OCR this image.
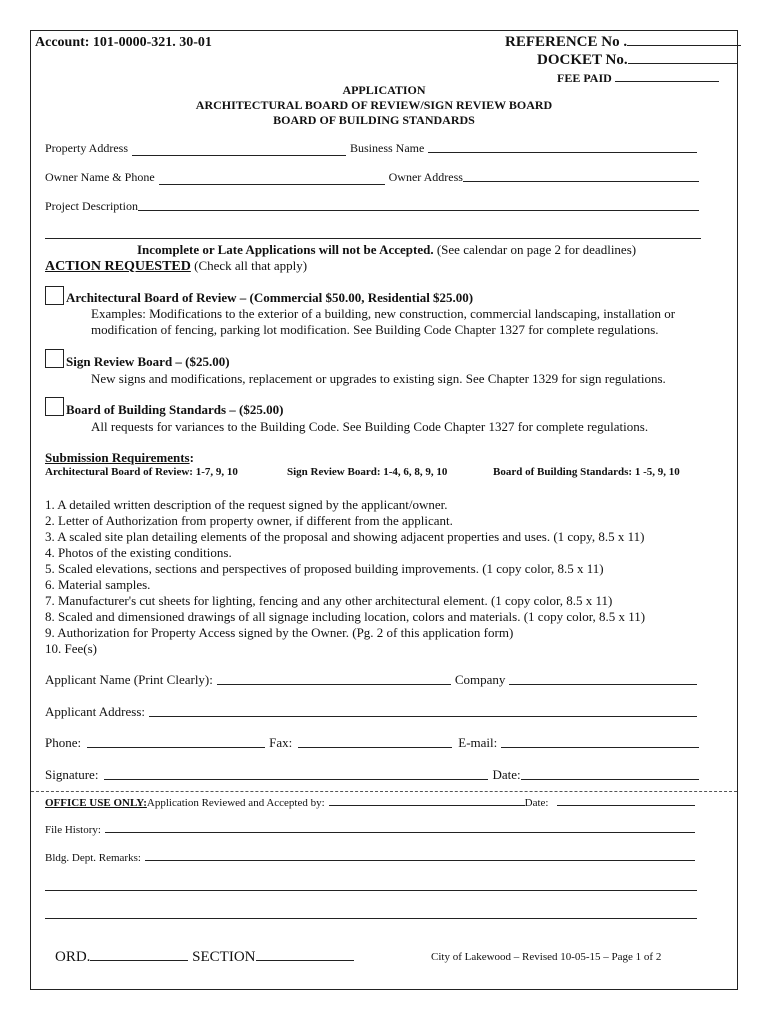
Account: 101-0000-321. 30-01	REFERENCE No .
DOCKET No.
FEE PAID
APPLICATION
ARCHITECTURAL BOARD OF REVIEW/SIGN REVIEW BOARD
BOARD OF BUILDING STANDARDS
Property Address	Business Name
Owner Name & Phone	Owner Address
Project Description
Incomplete or Late Applications will not be Accepted. (See calendar on page 2 for deadlines)
ACTION REQUESTED (Check all that apply)
Architectural Board of Review – (Commercial $50.00, Residential $25.00)
Examples: Modifications to the exterior of a building, new construction, commercial landscaping, installation or
modification of fencing, parking lot modification. See Building Code Chapter 1327 for complete regulations.
Sign Review Board – ($25.00)
New signs and modifications, replacement or upgrades to existing sign. See Chapter 1329 for sign regulations.
Board of Building Standards – ($25.00)
All requests for variances to the Building Code. See Building Code Chapter 1327 for complete regulations.
Submission Requirements:
Architectural Board of Review: 1-7, 9, 10	Sign Review Board: 1-4, 6, 8, 9, 10	Board of Building Standards: 1 -5, 9, 10
1. A detailed written description of the request signed by the applicant/owner.
2. Letter of Authorization from property owner, if different from the applicant.
3. A scaled site plan detailing elements of the proposal and showing adjacent properties and uses. (1 copy, 8.5 x 11)
4. Photos of the existing conditions.
5. Scaled elevations, sections and perspectives of proposed building improvements. (1 copy color, 8.5 x 11)
6. Material samples.
7. Manufacturer's cut sheets for lighting, fencing and any other architectural element. (1 copy color, 8.5 x 11)
8. Scaled and dimensioned drawings of all signage including location, colors and materials. (1 copy color, 8.5 x 11)
9. Authorization for Property Access signed by the Owner. (Pg. 2 of this application form)
10. Fee(s)
Applicant Name (Print Clearly):	Company
Applicant Address:
Phone:	Fax:	E-mail:
Signature:	Date:
OFFICE USE ONLY: Application Reviewed and Accepted by:	Date:
File History:
Bldg. Dept. Remarks:
ORD.	SECTION	City of Lakewood – Revised 10-05-15 – Page 1 of 2
